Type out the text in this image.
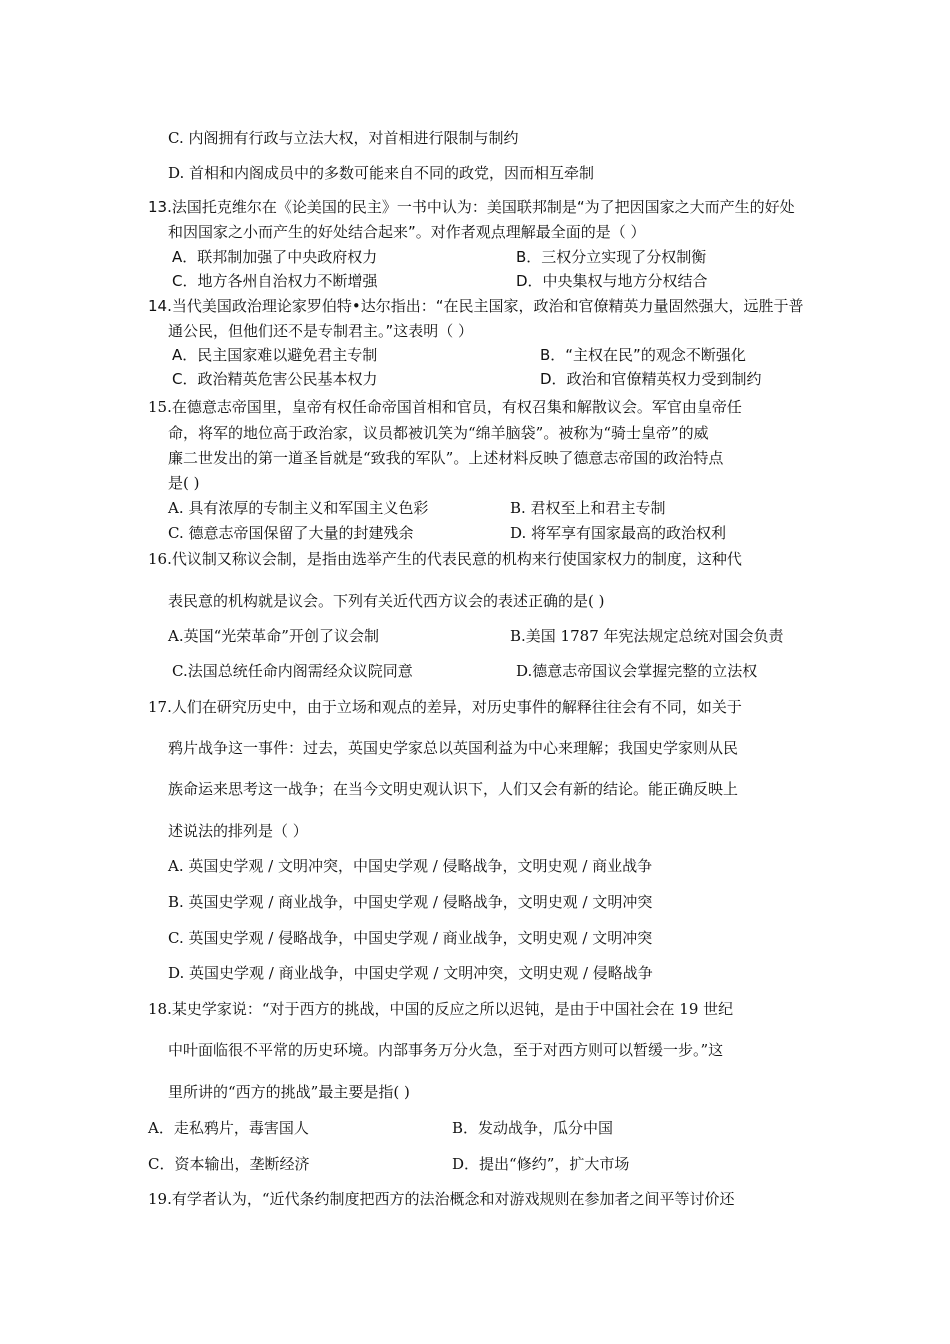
C. 内阁拥有行政与立法大权，对首相进行限制与制约
D. 首相和内阁成员中的多数可能来自不同的政党，因而相互牵制
13.法国托克维尔在《论美国的民主》一书中认为：美国联邦制是“为了把因国家之大而产生的好处
和因国家之小而产生的好处结合起来”。对作者观点理解最全面的是（ ）
A．联邦制加强了中央政府权力	B．三权分立实现了分权制衡
C．地方各州自治权力不断增强	D．中央集权与地方分权结合
14.当代美国政治理论家罗伯特•达尔指出：“在民主国家，政治和官僚精英力量固然强大，远胜于普
通公民，但他们还不是专制君主。”这表明（ ）
A．民主国家难以避免君主专制	B．“主权在民”的观念不断强化
C．政治精英危害公民基本权力	D．政治和官僚精英权力受到制约
15.在德意志帝国里，皇帝有权任命帝国首相和官员，有权召集和解散议会。军官由皇帝任
命，将军的地位高于政治家，议员都被讥笑为“绵羊脑袋”。被称为“骑士皇帝”的威
廉二世发出的第一道圣旨就是“致我的军队”。上述材料反映了德意志帝国的政治特点
是( )
A. 具有浓厚的专制主义和军国主义色彩	B. 君权至上和君主专制
C. 德意志帝国保留了大量的封建残余	D. 将军享有国家最高的政治权利
16.代议制又称议会制，是指由选举产生的代表民意的机构来行使国家权力的制度，这种代
表民意的机构就是议会。下列有关近代西方议会的表述正确的是( )
A.英国“光荣革命”开创了议会制	B.美国 1787 年宪法规定总统对国会负责
C.法国总统任命内阁需经众议院同意	D.德意志帝国议会掌握完整的立法权
17.人们在研究历史中，由于立场和观点的差异，对历史事件的解释往往会有不同，如关于
鸦片战争这一事件：过去，英国史学家总以英国利益为中心来理解；我国史学家则从民
族命运来思考这一战争；在当今文明史观认识下，人们又会有新的结论。能正确反映上
述说法的排列是（ ）
A. 英国史学观 / 文明冲突，中国史学观 / 侵略战争，文明史观 / 商业战争
B. 英国史学观 / 商业战争，中国史学观 / 侵略战争，文明史观 / 文明冲突
C. 英国史学观 / 侵略战争，中国史学观 / 商业战争，文明史观 / 文明冲突
D. 英国史学观 / 商业战争，中国史学观 / 文明冲突，文明史观 / 侵略战争
18.某史学家说：“对于西方的挑战，中国的反应之所以迟钝，是由于中国社会在 19 世纪
中叶面临很不平常的历史环境。内部事务万分火急，至于对西方则可以暂缓一步。”这
里所讲的“西方的挑战”最主要是指( )
A．走私鸦片，毒害国人	B．发动战争，瓜分中国
C．资本输出，垄断经济	D．提出“修约”，扩大市场
19.有学者认为，“近代条约制度把西方的法治概念和对游戏规则在参加者之间平等讨价还
